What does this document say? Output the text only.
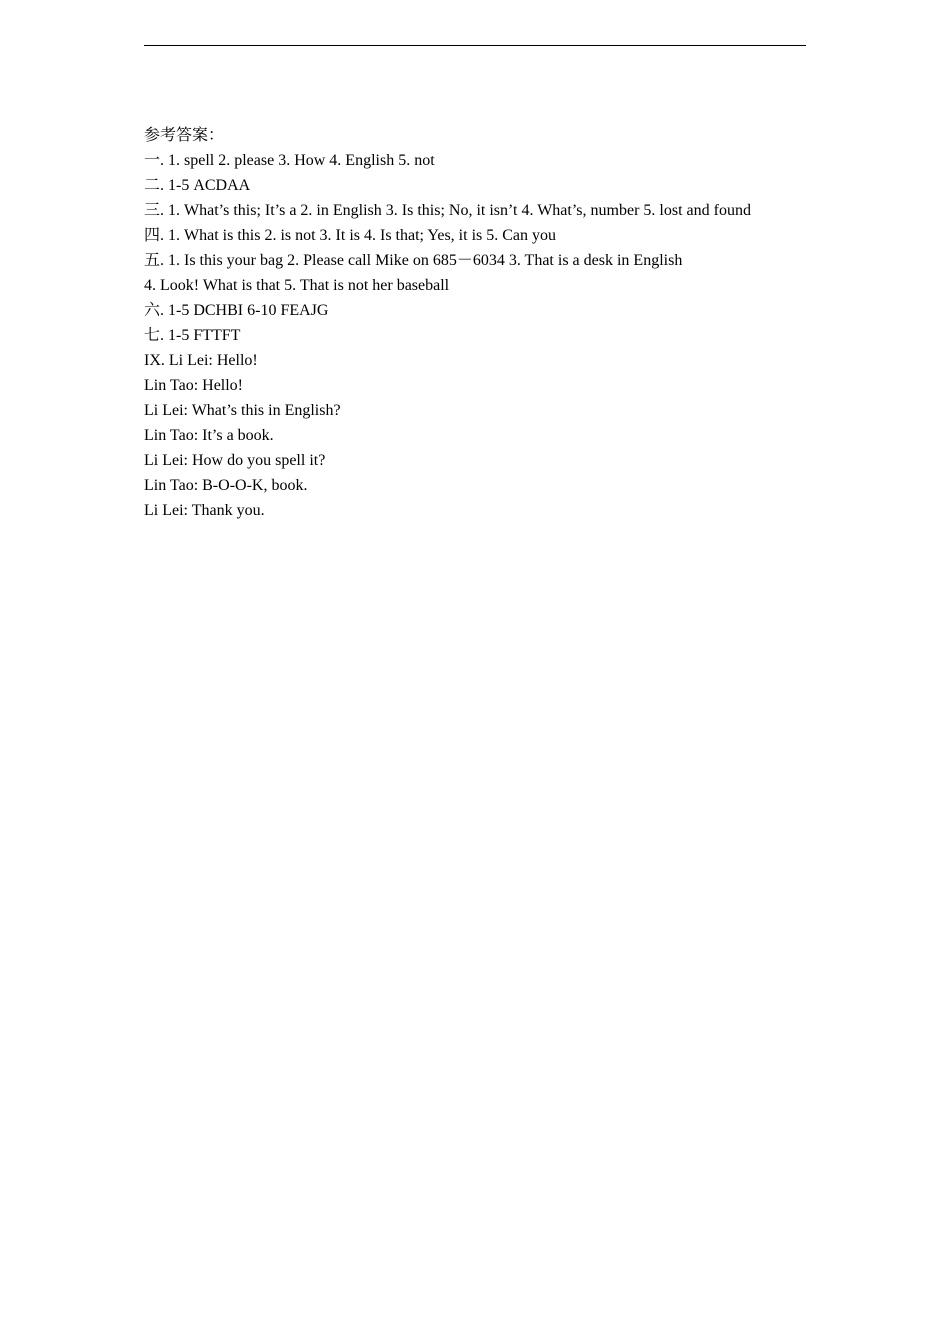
参考答案：
一. 1. spell 2. please 3. How 4. English 5. not
二. 1-5 ACDAA
三. 1. What’s this; It’s a 2. in English 3. Is this; No, it isn’t 4. What’s, number 5. lost and found
四. 1. What is this 2. is not 3. It is 4. Is that; Yes, it is 5. Can you
五. 1. Is this your bag 2. Please call Mike on 685－6034 3. That is a desk in English
4. Look! What is that 5. That is not her baseball
六. 1-5 DCHBI 6-10 FEAJG
七. 1-5 FTTFT
IX. Li Lei: Hello!
Lin Tao: Hello!
Li Lei: What’s this in English?
Lin Tao: It’s a book.
Li Lei: How do you spell it?
Lin Tao: B-O-O-K, book.
Li Lei: Thank you.
